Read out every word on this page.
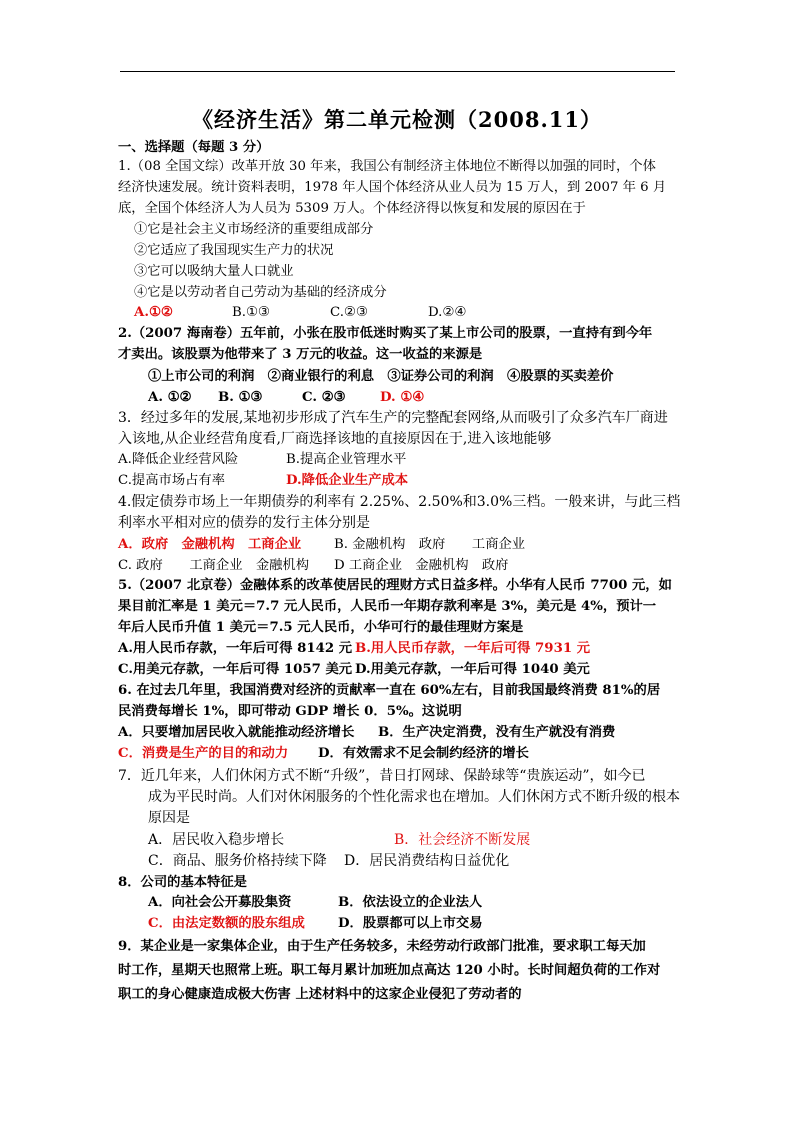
《经济生活》第二单元检测（2008.11）
一、选择题（每题 3 分）
1.（08 全国文综）改革开放 30 年来，我国公有制经济主体地位不断得以加强的同时，个体
经济快速发展。统计资料表明，1978 年人国个体经济从业人员为 15 万人，到 2007 年 6 月
底，全国个体经济人为人员为 5309 万人。个体经济得以恢复和发展的原因在于
①它是社会主义市场经济的重要组成部分
②它适应了我国现实生产力的状况
③它可以吸纳大量人口就业
④它是以劳动者自己劳动为基础的经济成分
A.①②	B.①③	C.②③	D.②④
2.（2007 海南卷）五年前，小张在股市低迷时购买了某上市公司的股票，一直持有到今年
才卖出。该股票为他带来了 3 万元的收益。这一收益的来源是
①上市公司的利润　②商业银行的利息　③证券公司的利润　④股票的买卖差价
A. ①② B. ①③	C. ②③	D. ①④
3．经过多年的发展,某地初步形成了汽车生产的完整配套网络,从而吸引了众多汽车厂商进
入该地,从企业经营角度看,厂商选择该地的直接原因在于,进入该地能够
A.降低企业经营风险	B.提高企业管理水平
C.提高市场占有率	D.降低企业生产成本
4.假定债券市场上一年期债券的利率有 2.25%、2.50%和3.0%三档。一般来讲，与此三档
利率水平相对应的债券的发行主体分别是
A．政府　金融机构　工商企业 B. 金融机构　政府　　工商企业
C. 政府　　工商企业　金融机构 D 工商企业　金融机构　政府
5.（2007 北京卷）金融体系的改革使居民的理财方式日益多样。小华有人民币 7700 元，如
果目前汇率是 1 美元＝7.7 元人民币，人民币一年期存款利率是 3%，美元是 4%，预计一
年后人民币升值 1 美元＝7.5 元人民币，小华可行的最佳理财方案是
A.用人民币存款，一年后可得 8142 元 B.用人民币存款，一年后可得 7931 元
C.用美元存款，一年后可得 1057 美元 D.用美元存款，一年后可得 1040 美元
6. 在过去几年里，我国消费对经济的贡献率一直在 60%左右，目前我国最终消费 81%的居
民消费每增长 1%，即可带动 GDP 增长 0．5%。这说明
A．只要增加居民收入就能推动经济增长 B．生产决定消费，没有生产就没有消费
C．消费是生产的目的和动力 D．有效需求不足会制约经济的增长
7．近几年来，人们休闲方式不断“升级”，昔日打网球、保龄球等“贵族运动”，如今已
成为平民时尚。人们对休闲服务的个性化需求也在增加。人们休闲方式不断升级的根本
原因是
A．居民收入稳步增长	B．社会经济不断发展
C．商品、服务价格持续下降 D．居民消费结构日益优化
8．公司的基本特征是
A．向社会公开募股集资	B．依法设立的企业法人
C．由法定数额的股东组成 D．股票都可以上市交易
9．某企业是一家集体企业，由于生产任务较多，未经劳动行政部门批准，要求职工每天加
时工作，星期天也照常上班。职工每月累计加班加点高达 120 小时。长时间超负荷的工作对
职工的身心健康造成极大伤害 上述材料中的这家企业侵犯了劳动者的
